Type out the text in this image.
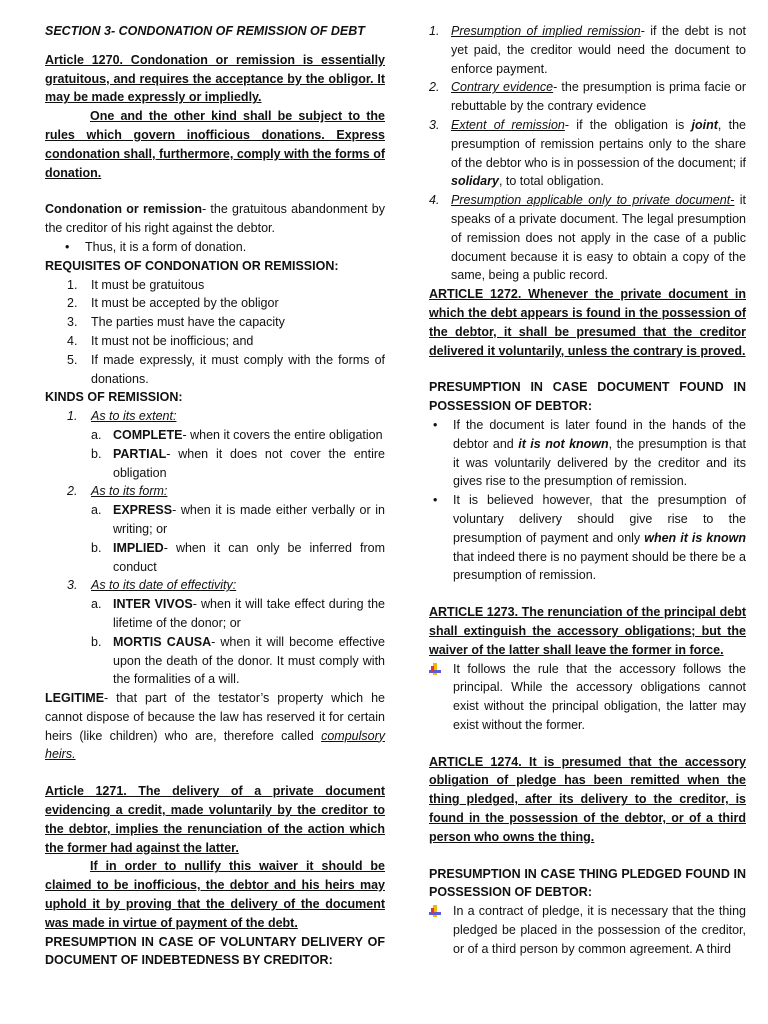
SECTION 3- CONDONATION OF REMISSION OF DEBT

Article 1270. Condonation or remission is essentially gratuitous, and requires the acceptance by the obligor. It may be made expressly or impliedly.

One and the other kind shall be subject to the rules which govern inofficious donations. Express condonation shall, furthermore, comply with the forms of donation.

Condonation or remission- the gratuitous abandonment by the creditor of his right against the debtor.

•	Thus, it is a form of donation.

REQUISITES OF CONDONATION OR REMISSION:

1.	It must be gratuitous
2.	It must be accepted by the obligor
3.	The parties must have the capacity
4.	It must not be inofficious; and
5.	If made expressly, it must comply with the forms of donations.

KINDS OF REMISSION:

1.	As to its extent:
a. COMPLETE- when it covers the entire obligation
b. PARTIAL- when it does not cover the entire obligation
2.	As to its form:
a. EXPRESS- when it is made either verbally or in writing; or
b. IMPLIED- when it can only be inferred from conduct
3.	As to its date of effectivity:
a. INTER VIVOS- when it will take effect during the lifetime of the donor; or
b. MORTIS CAUSA- when it will become effective upon the death of the donor. It must comply with the formalities of a will.

LEGITIME- that part of the testator’s property which he cannot dispose of because the law has reserved it for certain heirs (like children) who are, therefore called compulsory heirs.

Article 1271. The delivery of a private document evidencing a credit, made voluntarily by the creditor to the debtor, implies the renunciation of the action which the former had against the latter.

If in order to nullify this waiver it should be claimed to be inofficious, the debtor and his heirs may uphold it by proving that the delivery of the document was made in virtue of payment of the debt.

PRESUMPTION IN CASE OF VOLUNTARY DELIVERY OF DOCUMENT OF INDEBTEDNESS BY CREDITOR:

1. Presumption of implied remission- if the debt is not yet paid, the creditor would need the document to enforce payment.
2. Contrary evidence- the presumption is prima facie or rebuttable by the contrary evidence
3. Extent of remission- if the obligation is joint, the presumption of remission pertains only to the share of the debtor who is in possession of the document; if solidary, to total obligation.
4. Presumption applicable only to private document- it speaks of a private document. The legal presumption of remission does not apply in the case of a public document because it is easy to obtain a copy of the same, being a public record.

ARTICLE 1272. Whenever the private document in which the debt appears is found in the possession of the debtor, it shall be presumed that the creditor delivered it voluntarily, unless the contrary is proved.

PRESUMPTION IN CASE DOCUMENT FOUND IN POSSESSION OF DEBTOR:

•	If the document is later found in the hands of the debtor and it is not known, the presumption is that it was voluntarily delivered by the creditor and its gives rise to the presumption of remission.
•	It is believed however, that the presumption of voluntary delivery should give rise to the presumption of payment and only when it is known that indeed there is no payment should be there be a presumption of remission.

ARTICLE 1273. The renunciation of the principal debt shall extinguish the accessory obligations; but the waiver of the latter shall leave the former in force.

It follows the rule that the accessory follows the principal. While the accessory obligations cannot exist without the principal obligation, the latter may exist without the former.

ARTICLE 1274. It is presumed that the accessory obligation of pledge has been remitted when the thing pledged, after its delivery to the creditor, is found in the possession of the debtor, or of a third person who owns the thing.

PRESUMPTION IN CASE THING PLEDGED FOUND IN POSSESSION OF DEBTOR:

In a contract of pledge, it is necessary that the thing pledged be placed in the possession of the creditor, or of a third person by common agreement. A third
